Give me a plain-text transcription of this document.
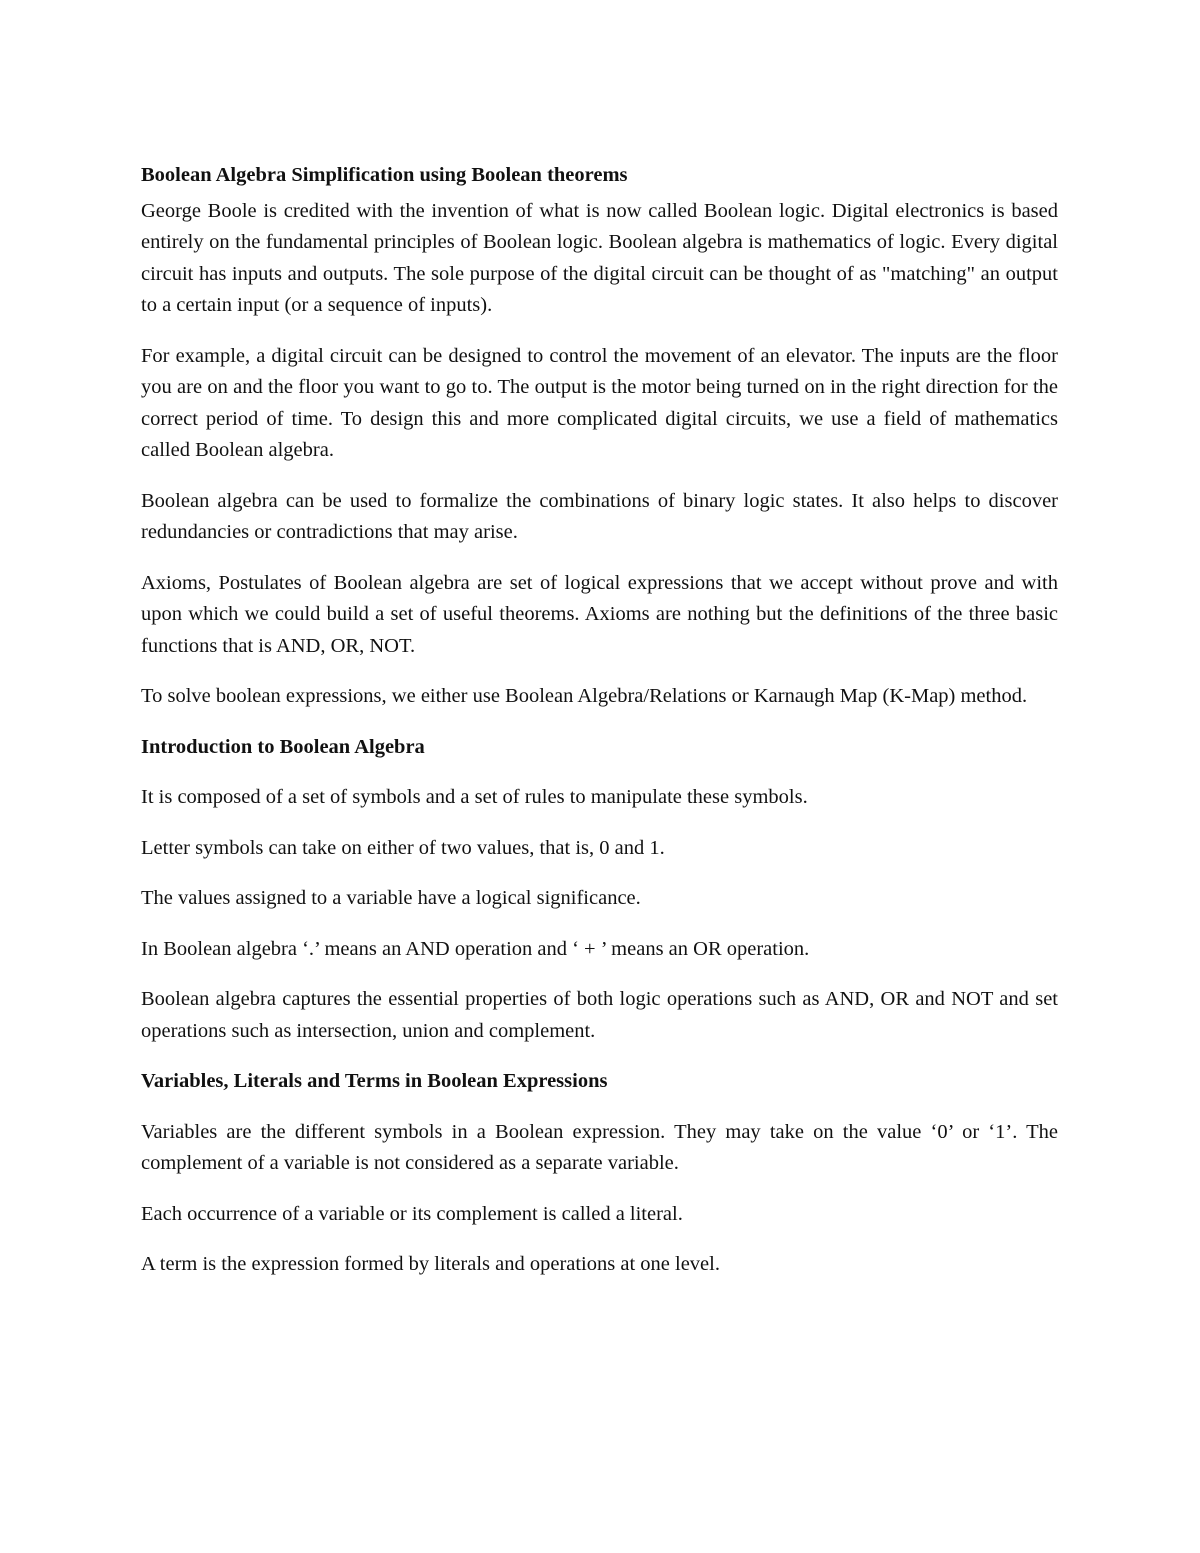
Boolean Algebra Simplification using Boolean theorems

George Boole is credited with the invention of what is now called Boolean logic. Digital electronics is based entirely on the fundamental principles of Boolean logic. Boolean algebra is mathematics of logic. Every digital circuit has inputs and outputs. The sole purpose of the digital circuit can be thought of as "matching" an output to a certain input (or a sequence of inputs).

For example, a digital circuit can be designed to control the movement of an elevator. The inputs are the floor you are on and the floor you want to go to. The output is the motor being turned on in the right direction for the correct period of time. To design this and more complicated digital circuits, we use a field of mathematics called Boolean algebra.

Boolean algebra can be used to formalize the combinations of binary logic states. It also helps to discover redundancies or contradictions that may arise.

Axioms, Postulates of Boolean algebra are set of logical expressions that we accept without prove and with upon which we could build a set of useful theorems. Axioms are nothing but the definitions of the three basic functions that is AND, OR, NOT.

To solve boolean expressions, we either use Boolean Algebra/Relations or Karnaugh Map (K-Map) method.

Introduction to Boolean Algebra

It is composed of a set of symbols and a set of rules to manipulate these symbols.

Letter symbols can take on either of two values, that is, 0 and 1.

The values assigned to a variable have a logical significance.

In Boolean algebra ‘.’ means an AND operation and ‘ + ’ means an OR operation.

Boolean algebra captures the essential properties of both logic operations such as AND, OR and NOT and set operations such as intersection, union and complement.

Variables, Literals and Terms in Boolean Expressions

Variables are the different symbols in a Boolean expression. They may take on the value ‘0’ or ‘1’. The complement of a variable is not considered as a separate variable.

Each occurrence of a variable or its complement is called a literal.

A term is the expression formed by literals and operations at one level.
